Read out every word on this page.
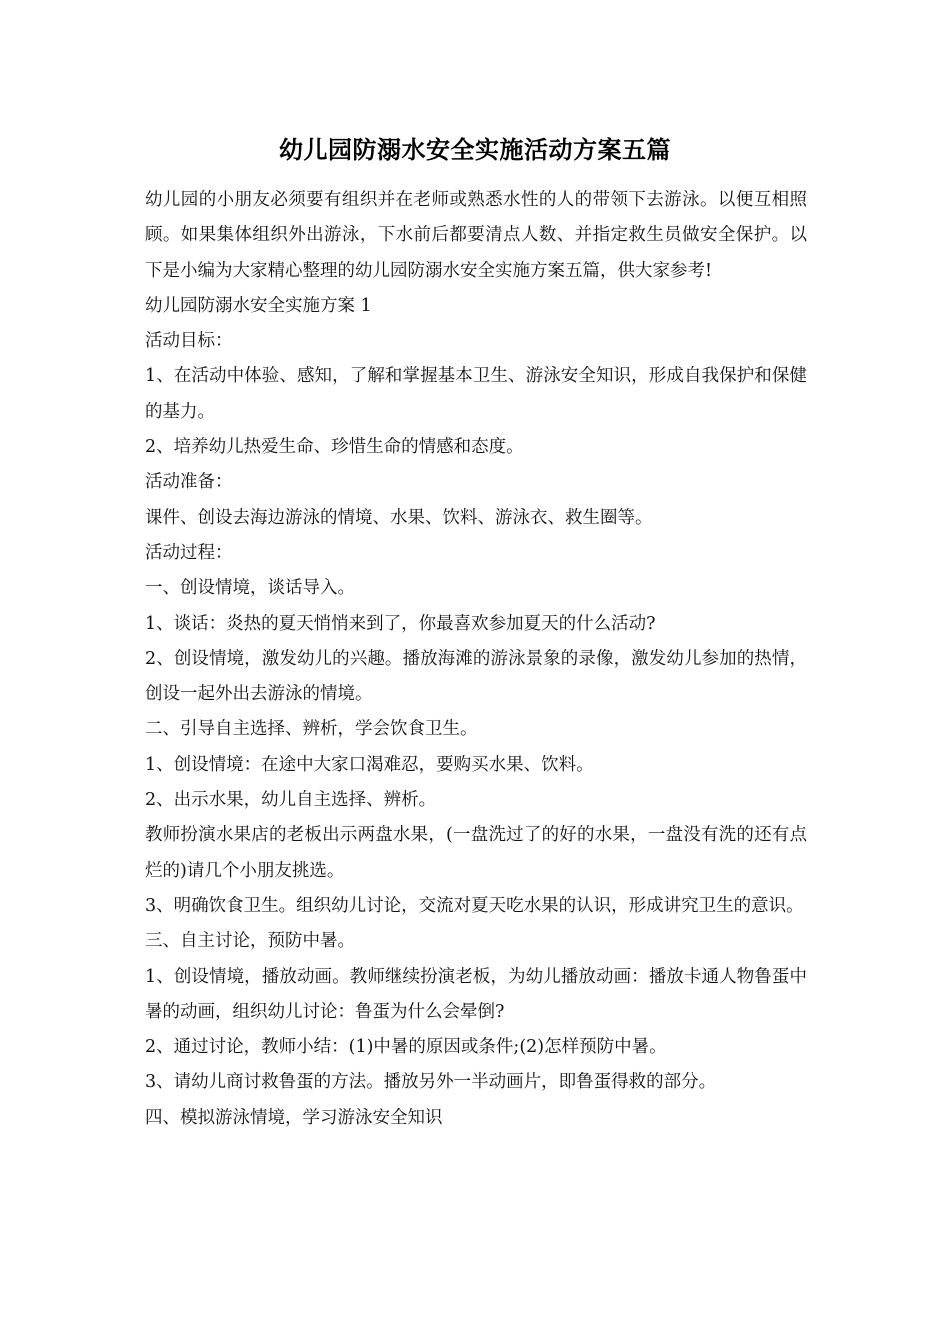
幼儿园防溺水安全实施活动方案五篇

幼儿园的小朋友必须要有组织并在老师或熟悉水性的人的带领下去游泳。以便互相照顾。如果集体组织外出游泳，下水前后都要清点人数、并指定救生员做安全保护。以下是小编为大家精心整理的幼儿园防溺水安全实施方案五篇，供大家参考!

幼儿园防溺水安全实施方案 1

活动目标：

1、在活动中体验、感知，了解和掌握基本卫生、游泳安全知识，形成自我保护和保健的基力。

2、培养幼儿热爱生命、珍惜生命的情感和态度。

活动准备：

课件、创设去海边游泳的情境、水果、饮料、游泳衣、救生圈等。

活动过程：

一、创设情境，谈话导入。

1、谈话：炎热的夏天悄悄来到了，你最喜欢参加夏天的什么活动?

2、创设情境，激发幼儿的兴趣。播放海滩的游泳景象的录像，激发幼儿参加的热情，创设一起外出去游泳的情境。

二、引导自主选择、辨析，学会饮食卫生。

1、创设情境：在途中大家口渴难忍，要购买水果、饮料。

2、出示水果，幼儿自主选择、辨析。

教师扮演水果店的老板出示两盘水果，(一盘洗过了的好的水果，一盘没有洗的还有点烂的)请几个小朋友挑选。

3、明确饮食卫生。组织幼儿讨论，交流对夏天吃水果的认识，形成讲究卫生的意识。

三、自主讨论，预防中暑。

1、创设情境，播放动画。教师继续扮演老板，为幼儿播放动画：播放卡通人物鲁蛋中暑的动画，组织幼儿讨论：鲁蛋为什么会晕倒?

2、通过讨论，教师小结：(1)中暑的原因或条件;(2)怎样预防中暑。

3、请幼儿商讨救鲁蛋的方法。播放另外一半动画片，即鲁蛋得救的部分。

四、模拟游泳情境，学习游泳安全知识
